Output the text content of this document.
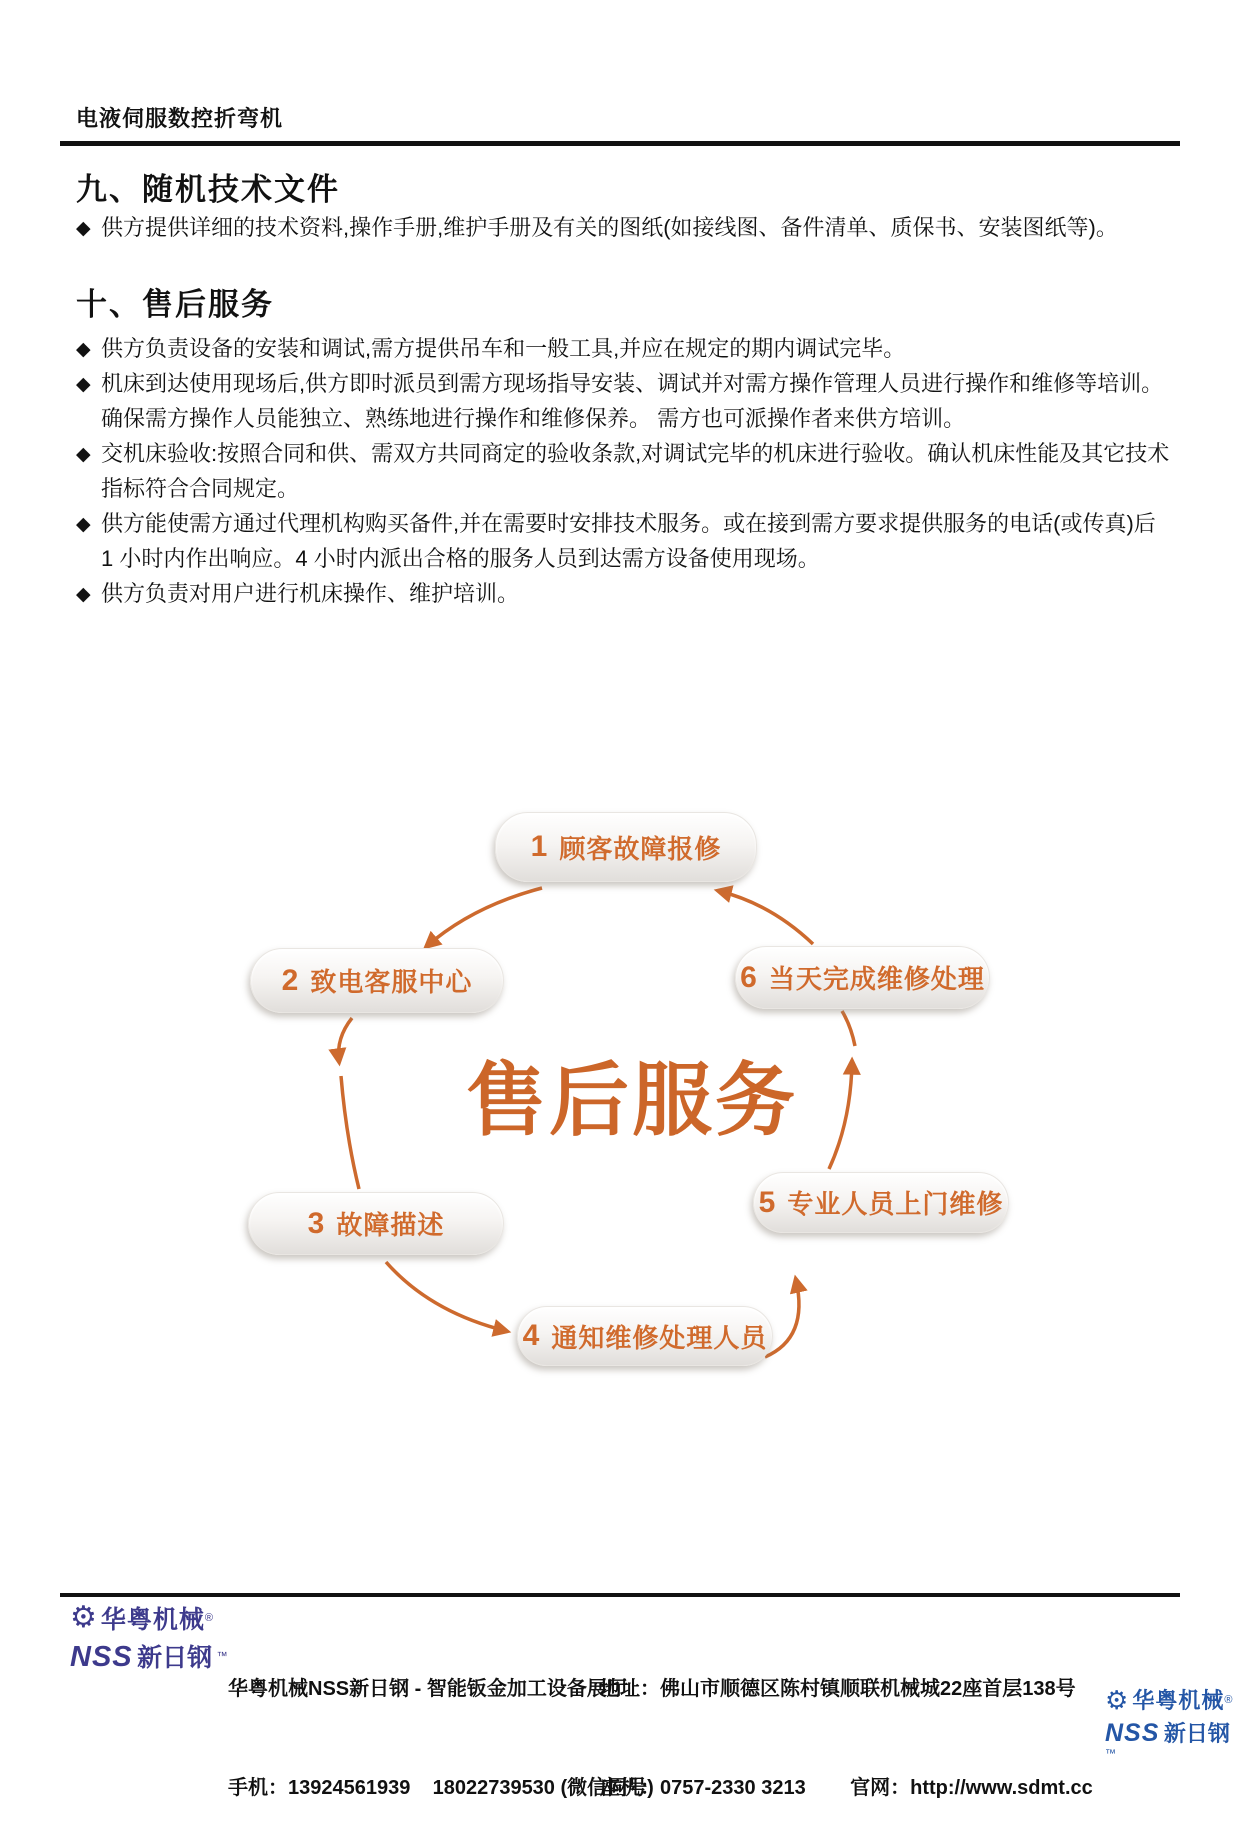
电液伺服数控折弯机
九、随机技术文件
◆ 供方提供详细的技术资料,操作手册,维护手册及有关的图纸(如接线图、备件清单、质保书、安装图纸等)。
十、售后服务
◆ 供方负责设备的安装和调试,需方提供吊车和一般工具,并应在规定的期内调试完毕。
◆ 机床到达使用现场后,供方即时派员到需方现场指导安装、调试并对需方操作管理人员进行操作和维修等培训。
确保需方操作人员能独立、熟练地进行操作和维修保养。 需方也可派操作者来供方培训。
◆ 交机床验收:按照合同和供、需双方共同商定的验收条款,对调试完毕的机床进行验收。确认机床性能及其它技术
指标符合合同规定。
◆ 供方能使需方通过代理机构购买备件,并在需要时安排技术服务。或在接到需方要求提供服务的电话(或传真)后
1 小时内作出响应。4 小时内派出合格的服务人员到达需方设备使用现场。
◆ 供方负责对用户进行机床操作、维护培训。
1 顾客故障报修
2 致电客服中心
3 故障描述
4 通知维修处理人员
5 专业人员上门维修
6 当天完成维修处理
售后服务
⚙ 华粤机械 ®
NSS 新日钢 ™

华粤机械NSS新日钢 - 智能钣金加工设备展厅

手机：13924561939    18022739530 (微信同号)

地址：佛山市顺德区陈村镇顺联机械城22座首层138号

座机：0757-2330 3213        官网：http://www.sdmt.cc

⚙ 华粤机械 ®
NSS 新日钢 ™
